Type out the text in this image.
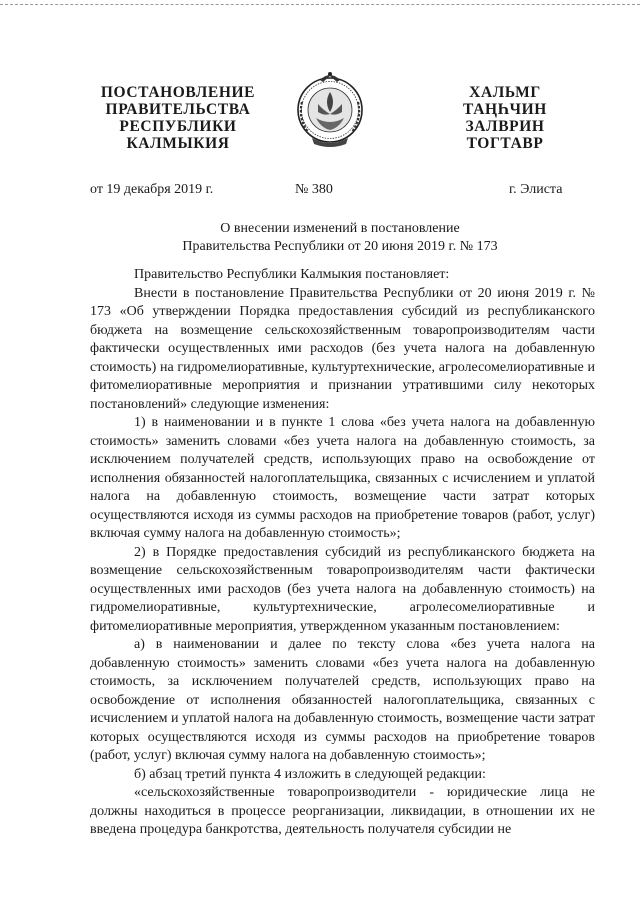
ПОСТАНОВЛЕНИЕ
ПРАВИТЕЛЬСТВА
РЕСПУБЛИКИ
КАЛМЫКИЯ
ХАЛЬМГ
ТАҢҺЧИН
ЗАЛВРИН
ТОГТАВР
от 19 декабря 2019 г.	№ 380	г. Элиста
О внесении изменений в постановление
Правительства Республики от 20 июня 2019 г. № 173

Правительство Республики Калмыкия постановляет:

Внести в постановление Правительства Республики от 20 июня 2019 г. № 173 «Об утверждении Порядка предоставления субсидий из республиканского бюджета на возмещение сельскохозяйственным товаропроизводителям части фактически осуществленных ими расходов (без учета налога на добавленную стоимость) на гидромелиоративные, культуртехнические, агролесомелиоративные и фитомелиоративные мероприятия и признании утратившими силу некоторых постановлений» следующие изменения:

1) в наименовании и в пункте 1 слова «без учета налога на добавленную стоимость» заменить словами «без учета налога на добавленную стоимость, за исключением получателей средств, использующих право на освобождение от исполнения обязанностей налогоплательщика, связанных с исчислением и уплатой налога на добавленную стоимость, возмещение части затрат которых осуществляются исходя из суммы расходов на приобретение товаров (работ, услуг) включая сумму налога на добавленную стоимость»;

2) в Порядке предоставления субсидий из республиканского бюджета на возмещение сельскохозяйственным товаропроизводителям части фактически осуществленных ими расходов (без учета налога на добавленную стоимость) на гидромелиоративные, культуртехнические, агролесомелиоративные и фитомелиоративные мероприятия, утвержденном указанным постановлением:

а) в наименовании и далее по тексту слова «без учета налога на добавленную стоимость» заменить словами «без учета налога на добавленную стоимость, за исключением получателей средств, использующих право на освобождение от исполнения обязанностей налогоплательщика, связанных с исчислением и уплатой налога на добавленную стоимость, возмещение части затрат которых осуществляются исходя из суммы расходов на приобретение товаров (работ, услуг) включая сумму налога на добавленную стоимость»;

б) абзац третий пункта 4 изложить в следующей редакции:

«сельскохозяйственные товаропроизводители - юридические лица не должны находиться в процессе реорганизации, ликвидации, в отношении их не введена процедура банкротства, деятельность получателя субсидии не
